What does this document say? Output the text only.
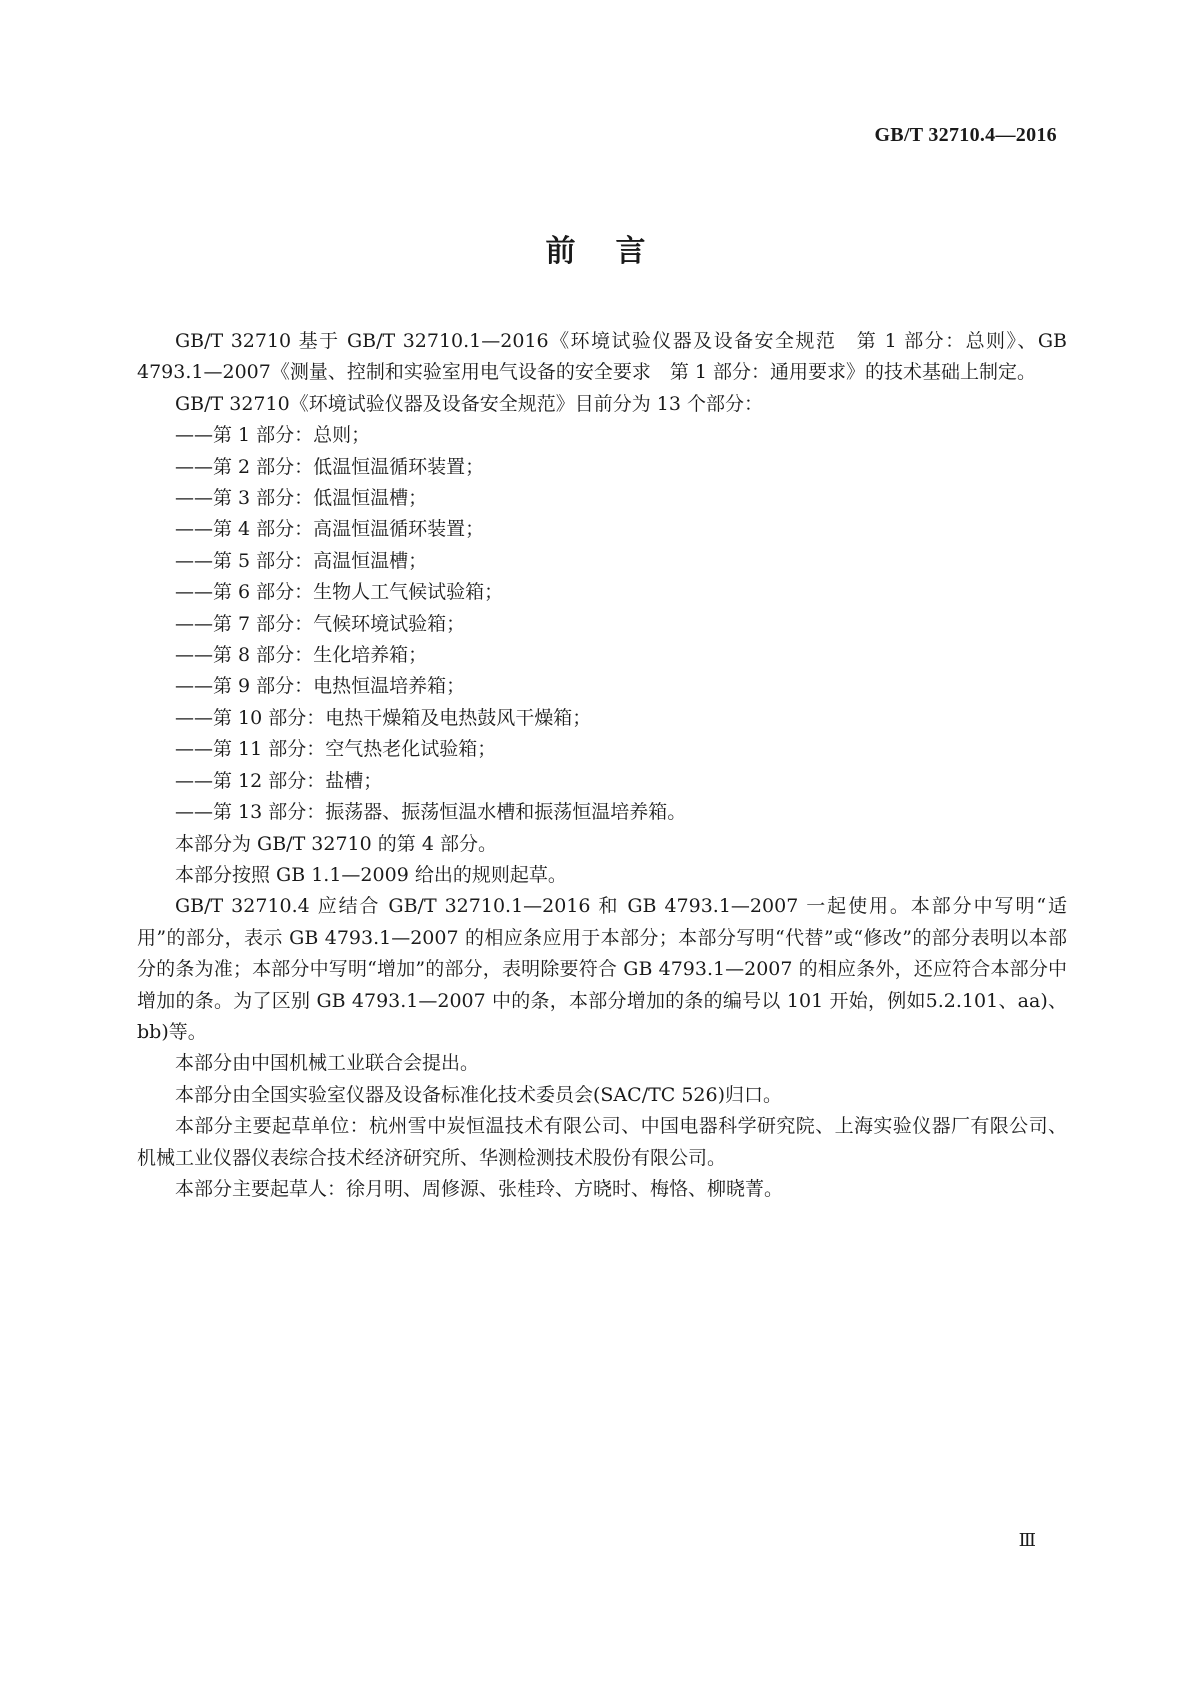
GB/T 32710.4—2016
前言

GB/T 32710 基于 GB/T 32710.1—2016《环境试验仪器及设备安全规范　第 1 部分：总则》、GB 4793.1—2007《测量、控制和实验室用电气设备的安全要求　第 1 部分：通用要求》的技术基础上制定。

GB/T 32710《环境试验仪器及设备安全规范》目前分为 13 个部分：

——第 1 部分：总则；

——第 2 部分：低温恒温循环装置；

——第 3 部分：低温恒温槽；

——第 4 部分：高温恒温循环装置；

——第 5 部分：高温恒温槽；

——第 6 部分：生物人工气候试验箱；

——第 7 部分：气候环境试验箱；

——第 8 部分：生化培养箱；

——第 9 部分：电热恒温培养箱；

——第 10 部分：电热干燥箱及电热鼓风干燥箱；

——第 11 部分：空气热老化试验箱；

——第 12 部分：盐槽；

——第 13 部分：振荡器、振荡恒温水槽和振荡恒温培养箱。

本部分为 GB/T 32710 的第 4 部分。

本部分按照 GB 1.1—2009 给出的规则起草。

GB/T 32710.4 应结合 GB/T 32710.1—2016 和 GB 4793.1—2007 一起使用。本部分中写明“适用”的部分，表示 GB 4793.1—2007 的相应条应用于本部分；本部分写明“代替”或“修改”的部分表明以本部分的条为准；本部分中写明“增加”的部分，表明除要符合 GB 4793.1—2007 的相应条外，还应符合本部分中增加的条。为了区别 GB 4793.1—2007 中的条，本部分增加的条的编号以 101 开始，例如5.2.101、aa)、bb)等。

本部分由中国机械工业联合会提出。

本部分由全国实验室仪器及设备标准化技术委员会(SAC/TC 526)归口。

本部分主要起草单位：杭州雪中炭恒温技术有限公司、中国电器科学研究院、上海实验仪器厂有限公司、机械工业仪器仪表综合技术经济研究所、华测检测技术股份有限公司。

本部分主要起草人：徐月明、周修源、张桂玲、方晓时、梅恪、柳晓菁。

Ⅲ
